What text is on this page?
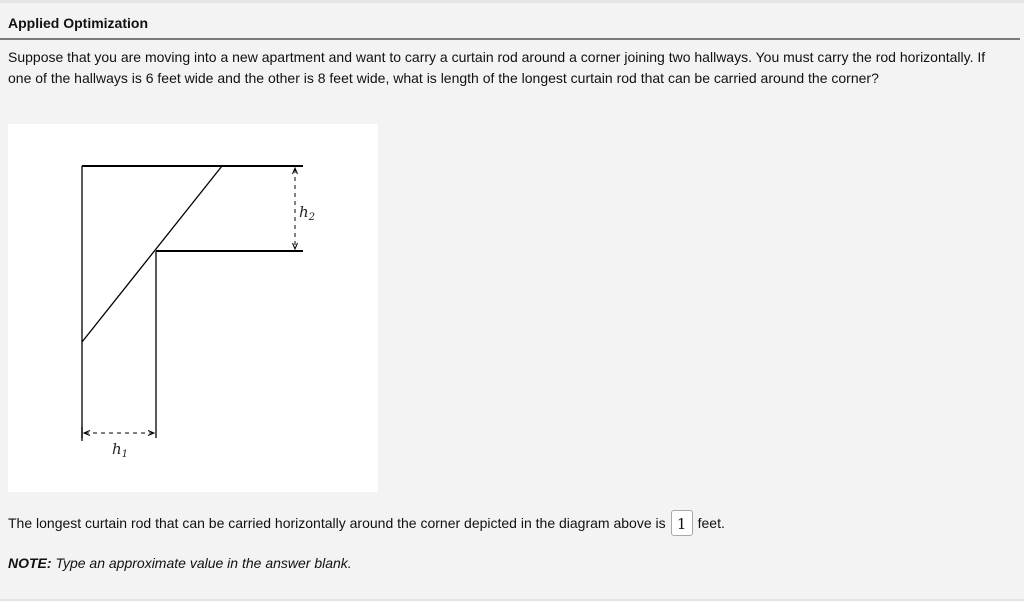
Applied Optimization
Suppose that you are moving into a new apartment and want to carry a curtain rod around a corner joining two hallways. You must carry the rod horizontally. If one of the hallways is 6 feet wide and the other is 8 feet wide, what is length of the longest curtain rod that can be carried around the corner?
$h_2$
$h_1$
The longest curtain rod that can be carried horizontally around the corner depicted in the diagram above is 1 feet.
NOTE: Type an approximate value in the answer blank.
